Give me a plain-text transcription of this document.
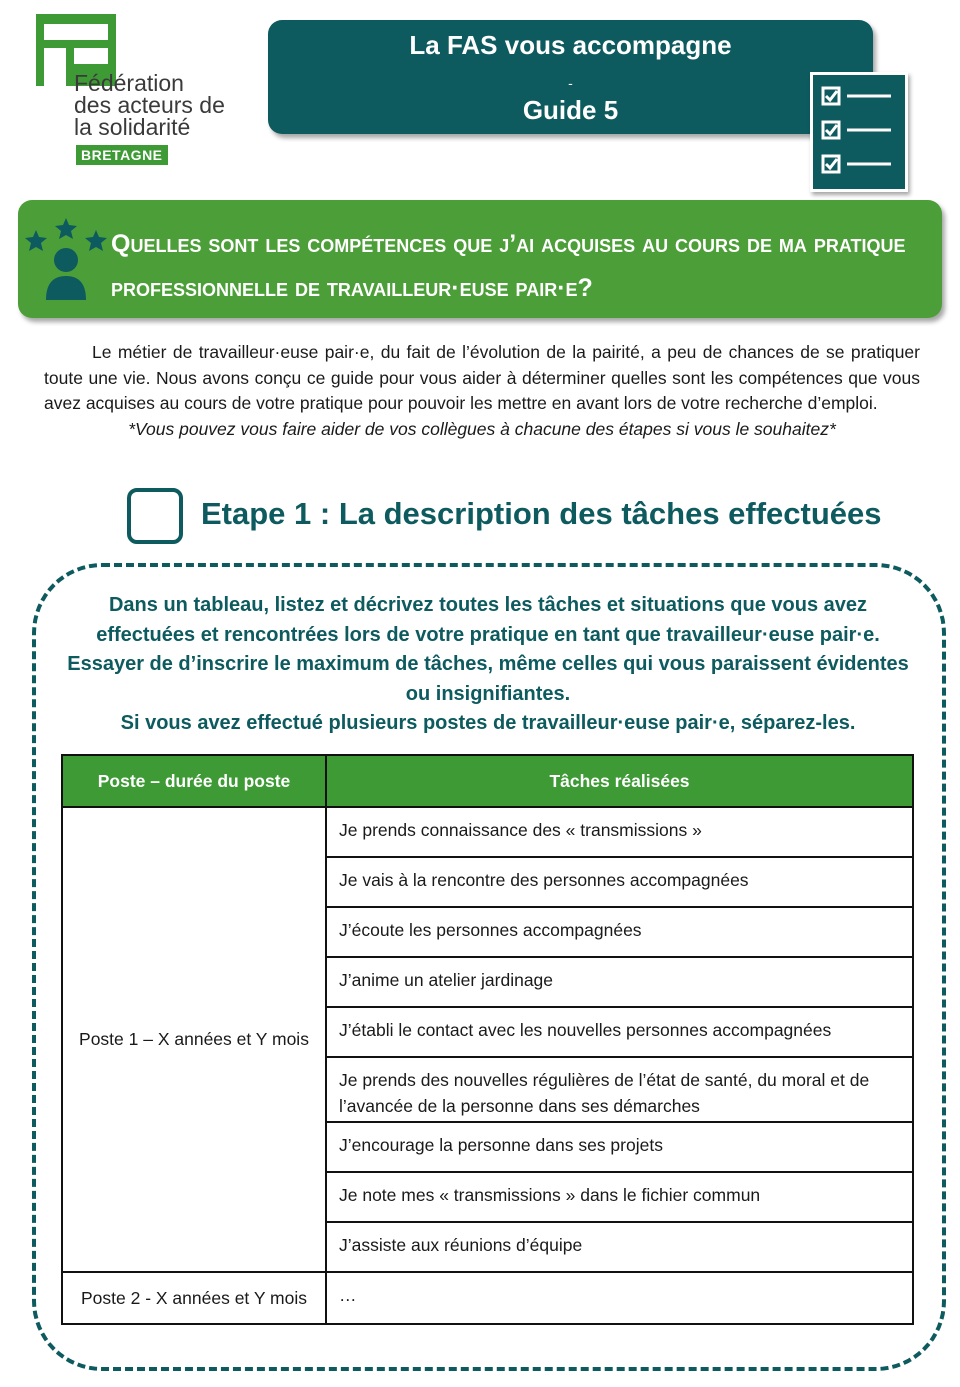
Fédération
des acteurs de
la solidarité
BRETAGNE
La FAS vous accompagne
-
Guide 5
Quelles sont les compétences que j’ai acquises au cours de ma pratique professionnelle de travailleur·euse pair·e?

Le métier de travailleur·euse pair·e, du fait de l’évolution de la pairité, a peu de chances de se pratiquer toute une vie. Nous avons conçu ce guide pour vous aider à déterminer quelles sont les compétences que vous avez acquises au cours de votre pratique pour pouvoir les mettre en avant lors de votre recherche d’emploi.

*Vous pouvez vous faire aider de vos collègues à chacune des étapes si vous le souhaitez*

Etape 1 : La description des tâches effectuées

Dans un tableau, listez et décrivez toutes les tâches et situations que vous avez effectuées et rencontrées lors de votre pratique en tant que travailleur·euse pair·e. Essayer de d’inscrire le maximum de tâches, même celles qui vous paraissent évidentes ou insignifiantes.

Si vous avez effectué plusieurs postes de travailleur·euse pair·e, séparez-les.

Poste – durée du poste	Tâches réalisées
Poste 1 – X années et Y mois	Je prends connaissance des « transmissions »
	Je vais à la rencontre des personnes accompagnées
	J’écoute les personnes accompagnées
	J’anime un atelier jardinage
	J’établi le contact avec les nouvelles personnes accompagnées
	Je prends des nouvelles régulières de l’état de santé, du moral et de l’avancée de la personne dans ses démarches
	J’encourage la personne dans ses projets
	Je note mes « transmissions » dans le fichier commun
	J’assiste aux réunions d’équipe
Poste 2 - X années et Y mois	…
